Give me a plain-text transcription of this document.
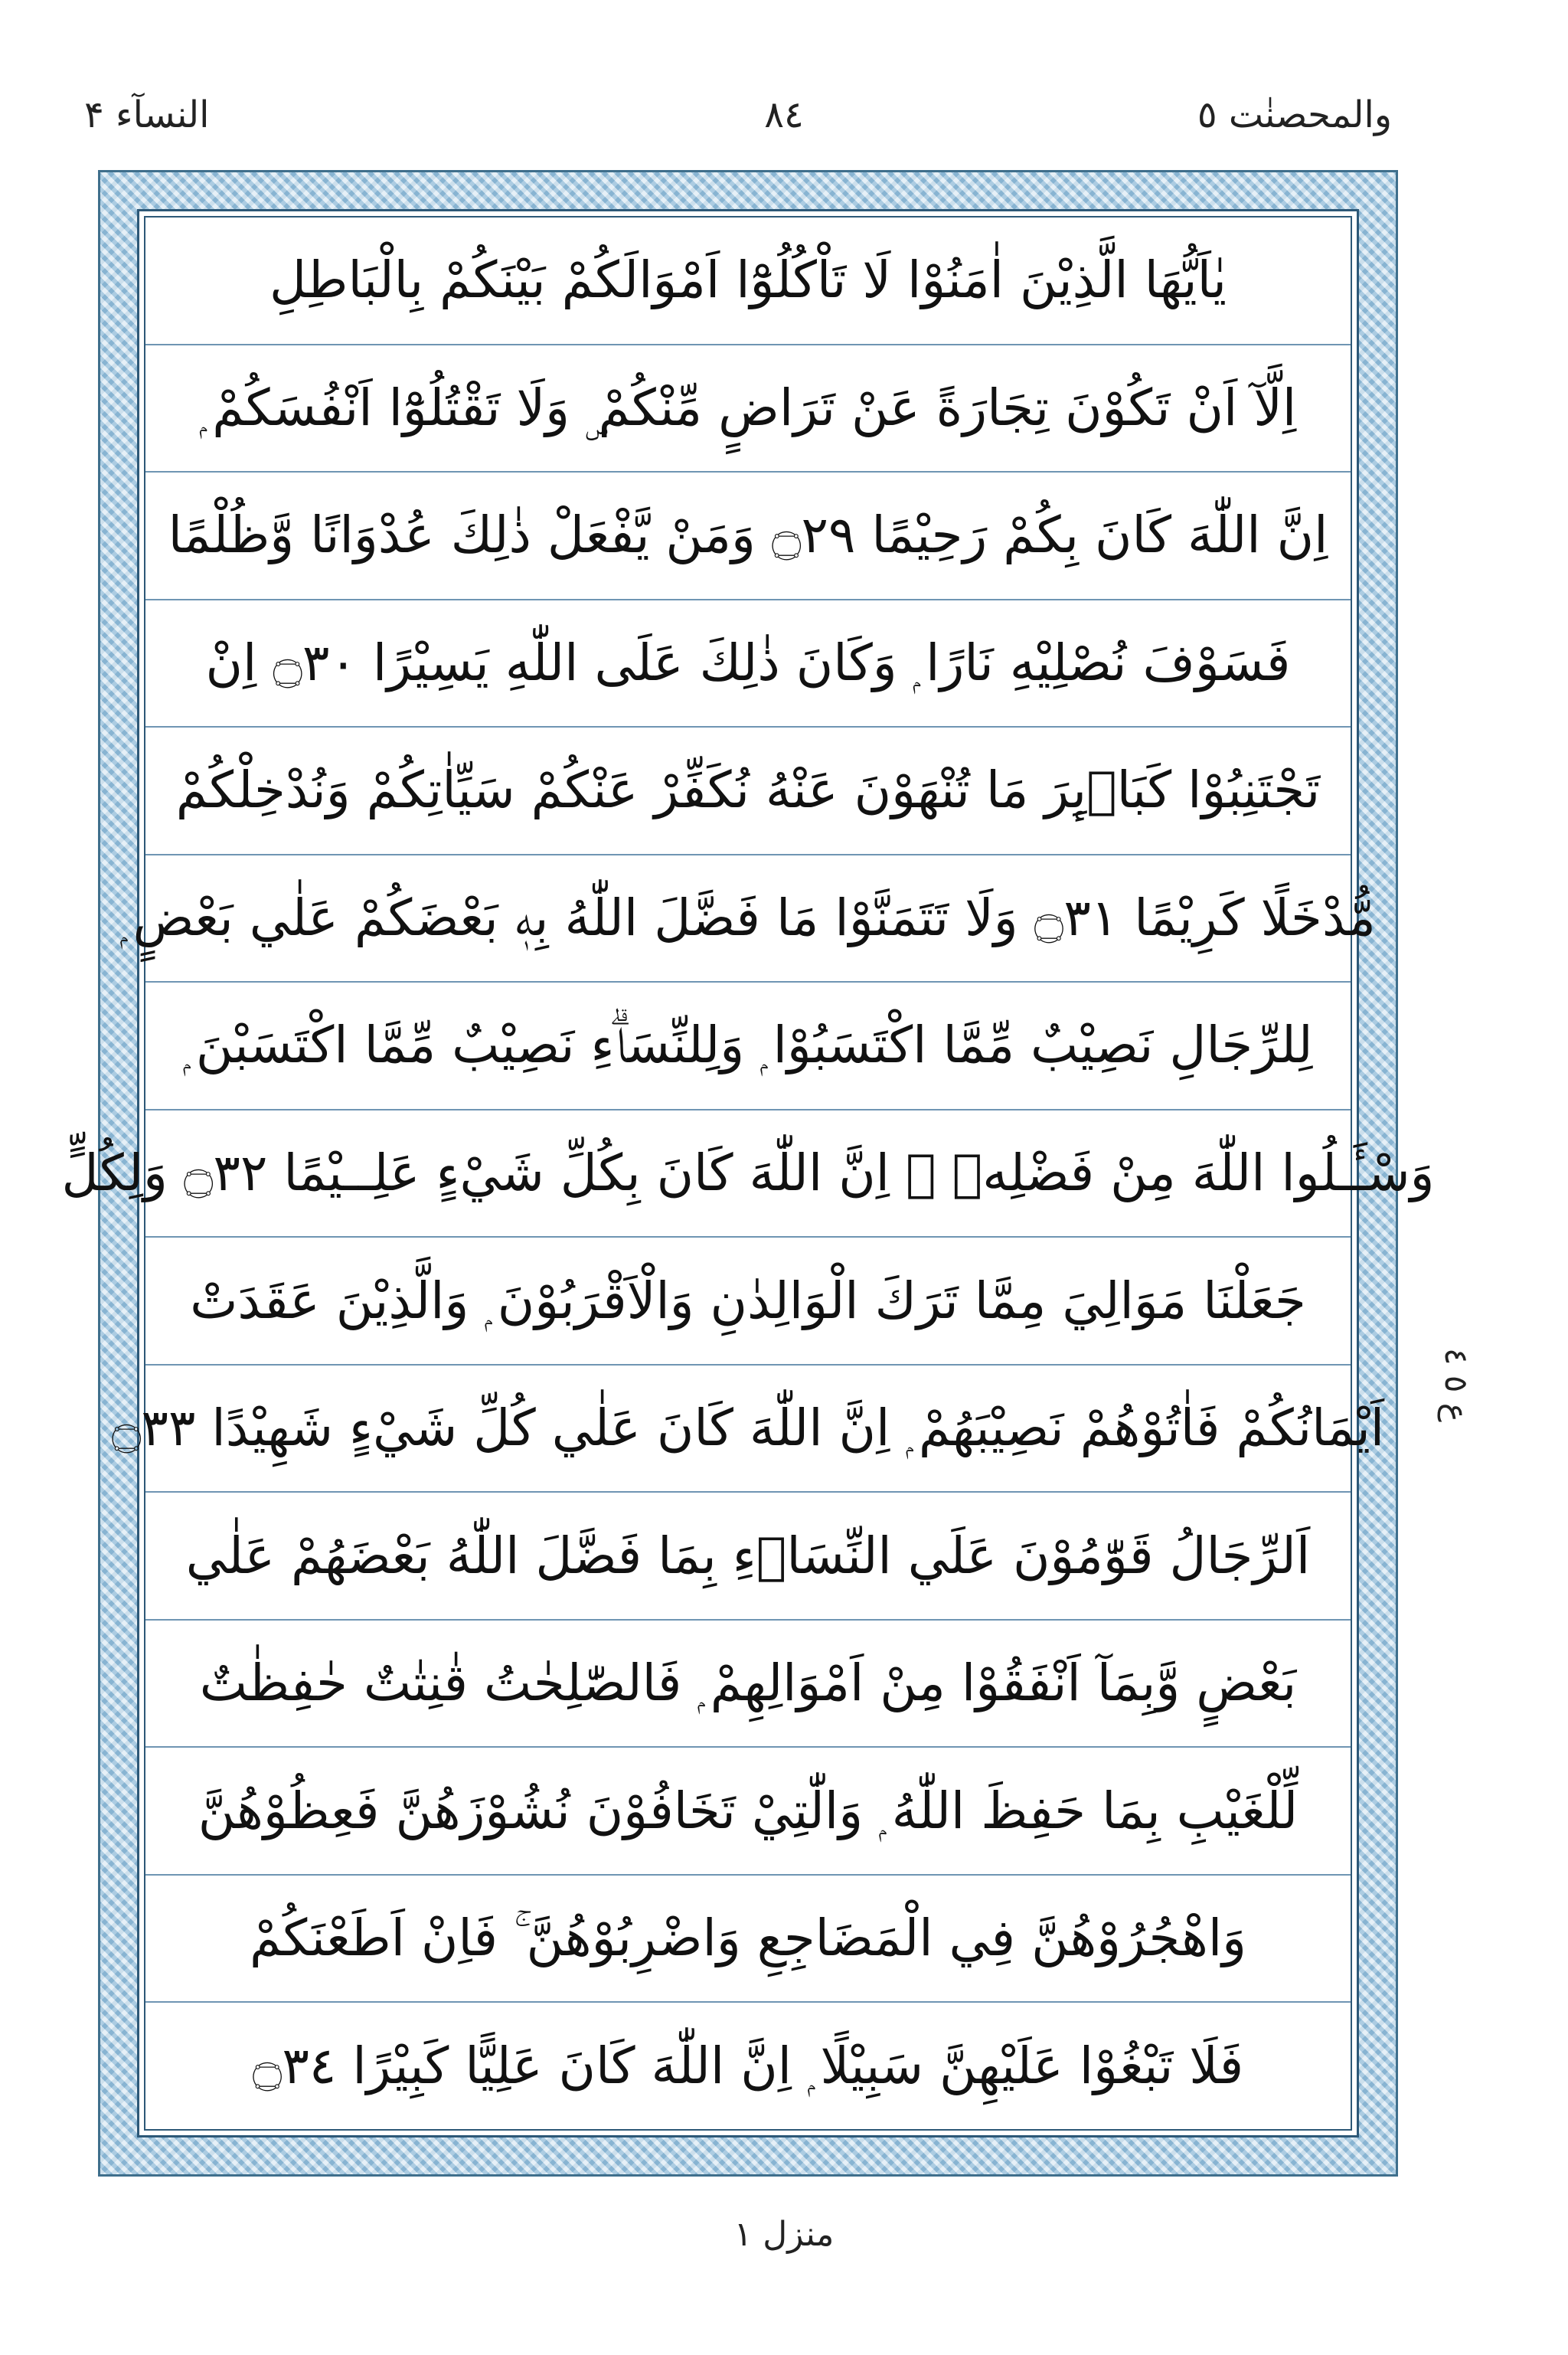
والمحصنٰت ٥
٨٤
النسآء ۴
يٰاَيُّهَا الَّذِيْنَ اٰمَنُوْا لَا تَاْكُلُوْٓا اَمْوَالَكُمْ بَيْنَكُمْ بِالْبَاطِلِ
اِلَّآ اَنْ تَكُوْنَ تِجَارَةً عَنْ تَرَاضٍ مِّنْكُمْ ۣ وَلَا تَقْتُلُوْٓا اَنْفُسَكُمْ ۭ
اِنَّ اللّٰهَ كَانَ بِكُمْ رَحِيْمًا ۝٢٩ وَمَنْ يَّفْعَلْ ذٰلِكَ عُدْوَانًا وَّظُلْمًا
فَسَوْفَ نُصْلِيْهِ نَارًا ۭ وَكَانَ ذٰلِكَ عَلَى اللّٰهِ يَسِيْرًا ۝٣٠ اِنْ
تَجْتَنِبُوْا كَبَاۗىِٕرَ مَا تُنْهَوْنَ عَنْهُ نُكَفِّرْ عَنْكُمْ سَيِّاٰتِكُمْ وَنُدْخِلْكُمْ
مُّدْخَلًا كَرِيْمًا ۝٣١ وَلَا تَتَمَنَّوْا مَا فَضَّلَ اللّٰهُ بِهٖ بَعْضَكُمْ عَلٰي بَعْضٍ ۭ
لِلرِّجَالِ نَصِيْبٌ مِّمَّا اكْتَسَبُوْا ۭ وَلِلنِّسَاۗءِ نَصِيْبٌ مِّمَّا اكْتَسَبْنَ ۭ
وَسْـَٔـلُوا اللّٰهَ مِنْ فَضْلِهٖ ۭ اِنَّ اللّٰهَ كَانَ بِكُلِّ شَيْءٍ عَلِــيْمًا ۝٣٢ وَلِكُلٍّ
جَعَلْنَا مَوَالِيَ مِمَّا تَرَكَ الْوَالِدٰنِ وَالْاَقْرَبُوْنَ ۭ وَالَّذِيْنَ عَقَدَتْ
اَيْمَانُكُمْ فَاٰتُوْھُمْ نَصِيْبَھُمْ ۭ اِنَّ اللّٰهَ كَانَ عَلٰي كُلِّ شَيْءٍ شَهِيْدًا ۝٣٣
اَلرِّجَالُ قَوّٰمُوْنَ عَلَي النِّسَاۗءِ بِمَا فَضَّلَ اللّٰهُ بَعْضَھُمْ عَلٰي
بَعْضٍ وَّبِمَآ اَنْفَقُوْا مِنْ اَمْوَالِهِمْ ۭ فَالصّٰلِحٰتُ قٰنِتٰتٌ حٰفِظٰتٌ
لِّلْغَيْبِ بِمَا حَفِظَ اللّٰهُ ۭ وَالّٰتِيْ تَخَافُوْنَ نُشُوْزَھُنَّ فَعِظُوْھُنَّ
وَاهْجُرُوْھُنَّ فِي الْمَضَاجِعِ وَاضْرِبُوْھُنَّ ۚ فَاِنْ اَطَعْنَكُمْ
فَلَا تَبْغُوْا عَلَيْهِنَّ سَبِيْلًا ۭ اِنَّ اللّٰهَ كَانَ عَلِيًّا كَبِيْرًا ۝٣٤
ع ٥ ٤
منزل ١
